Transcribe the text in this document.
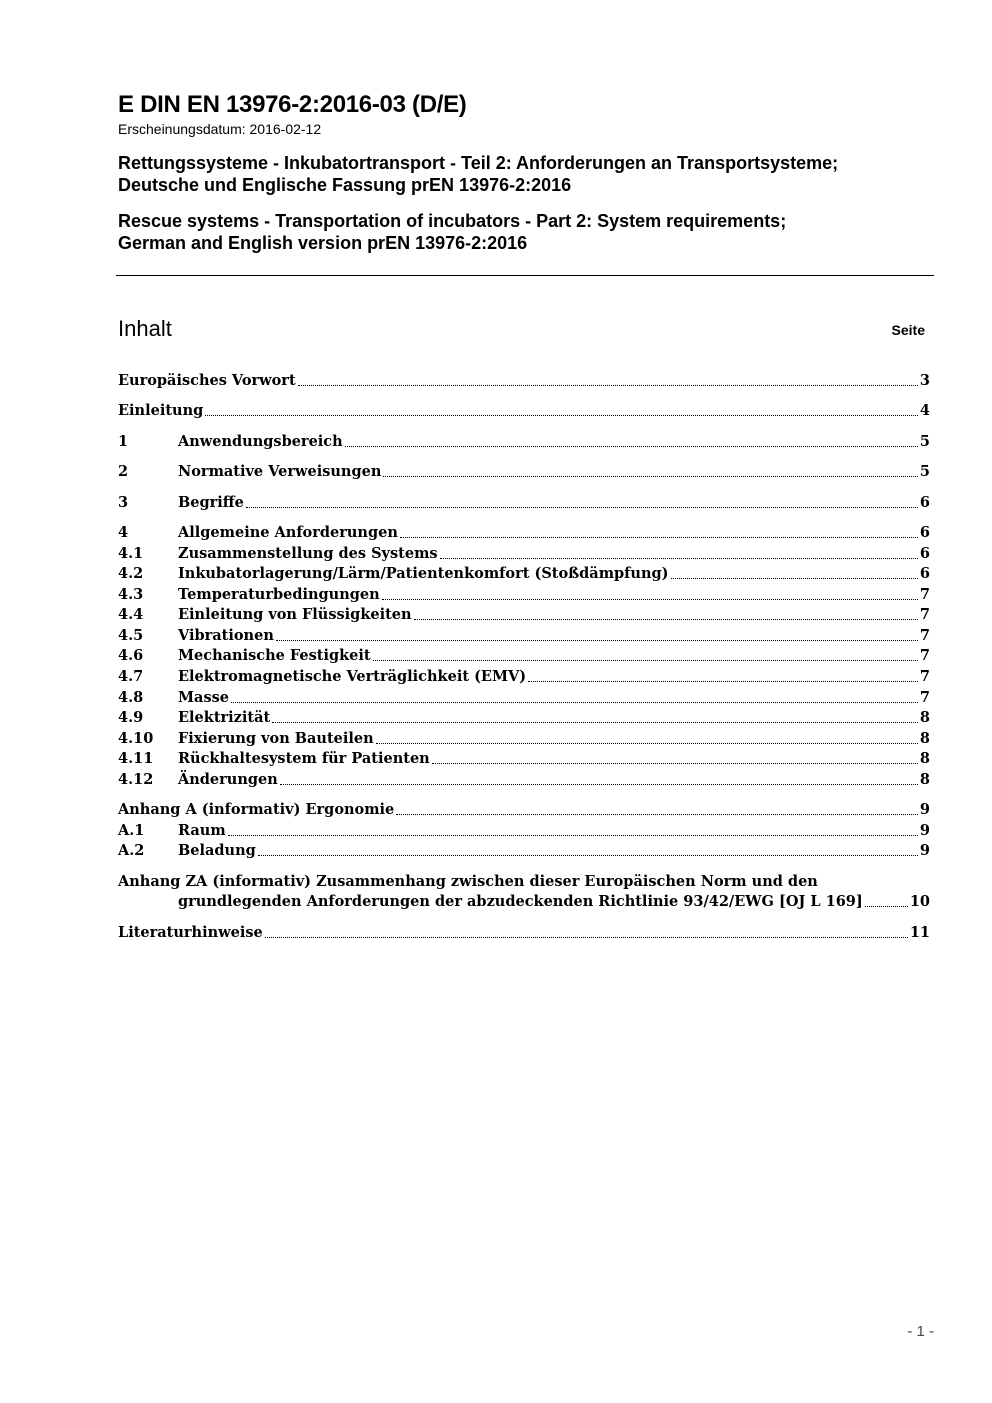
E DIN EN 13976-2:2016-03 (D/E)

Erscheinungsdatum: 2016-02-12

Rettungssysteme - Inkubatortransport - Teil 2: Anforderungen an Transportsysteme;
Deutsche und Englische Fassung prEN 13976-2:2016

Rescue systems - Transportation of incubators - Part 2: System requirements;
German and English version prEN 13976-2:2016

Inhalt	Seite
Europäisches Vorwort	3
Einleitung	4
1	Anwendungsbereich	5
2	Normative Verweisungen	5
3	Begriffe	6
4	Allgemeine Anforderungen	6
4.1	Zusammenstellung des Systems	6
4.2	Inkubatorlagerung/Lärm/Patientenkomfort (Stoßdämpfung)	6
4.3	Temperaturbedingungen	7
4.4	Einleitung von Flüssigkeiten	7
4.5	Vibrationen	7
4.6	Mechanische Festigkeit	7
4.7	Elektromagnetische Verträglichkeit (EMV)	7
4.8	Masse	7
4.9	Elektrizität	8
4.10	Fixierung von Bauteilen	8
4.11	Rückhaltesystem für Patienten	8
4.12	Änderungen	8
Anhang A (informativ) Ergonomie	9
A.1	Raum	9
A.2	Beladung	9
Anhang ZA (informativ) Zusammenhang zwischen dieser Europäischen Norm und den
grundlegenden Anforderungen der abzudeckenden Richtlinie 93/42/EWG [OJ L 169]	10
Literaturhinweise	11
- 1 -
